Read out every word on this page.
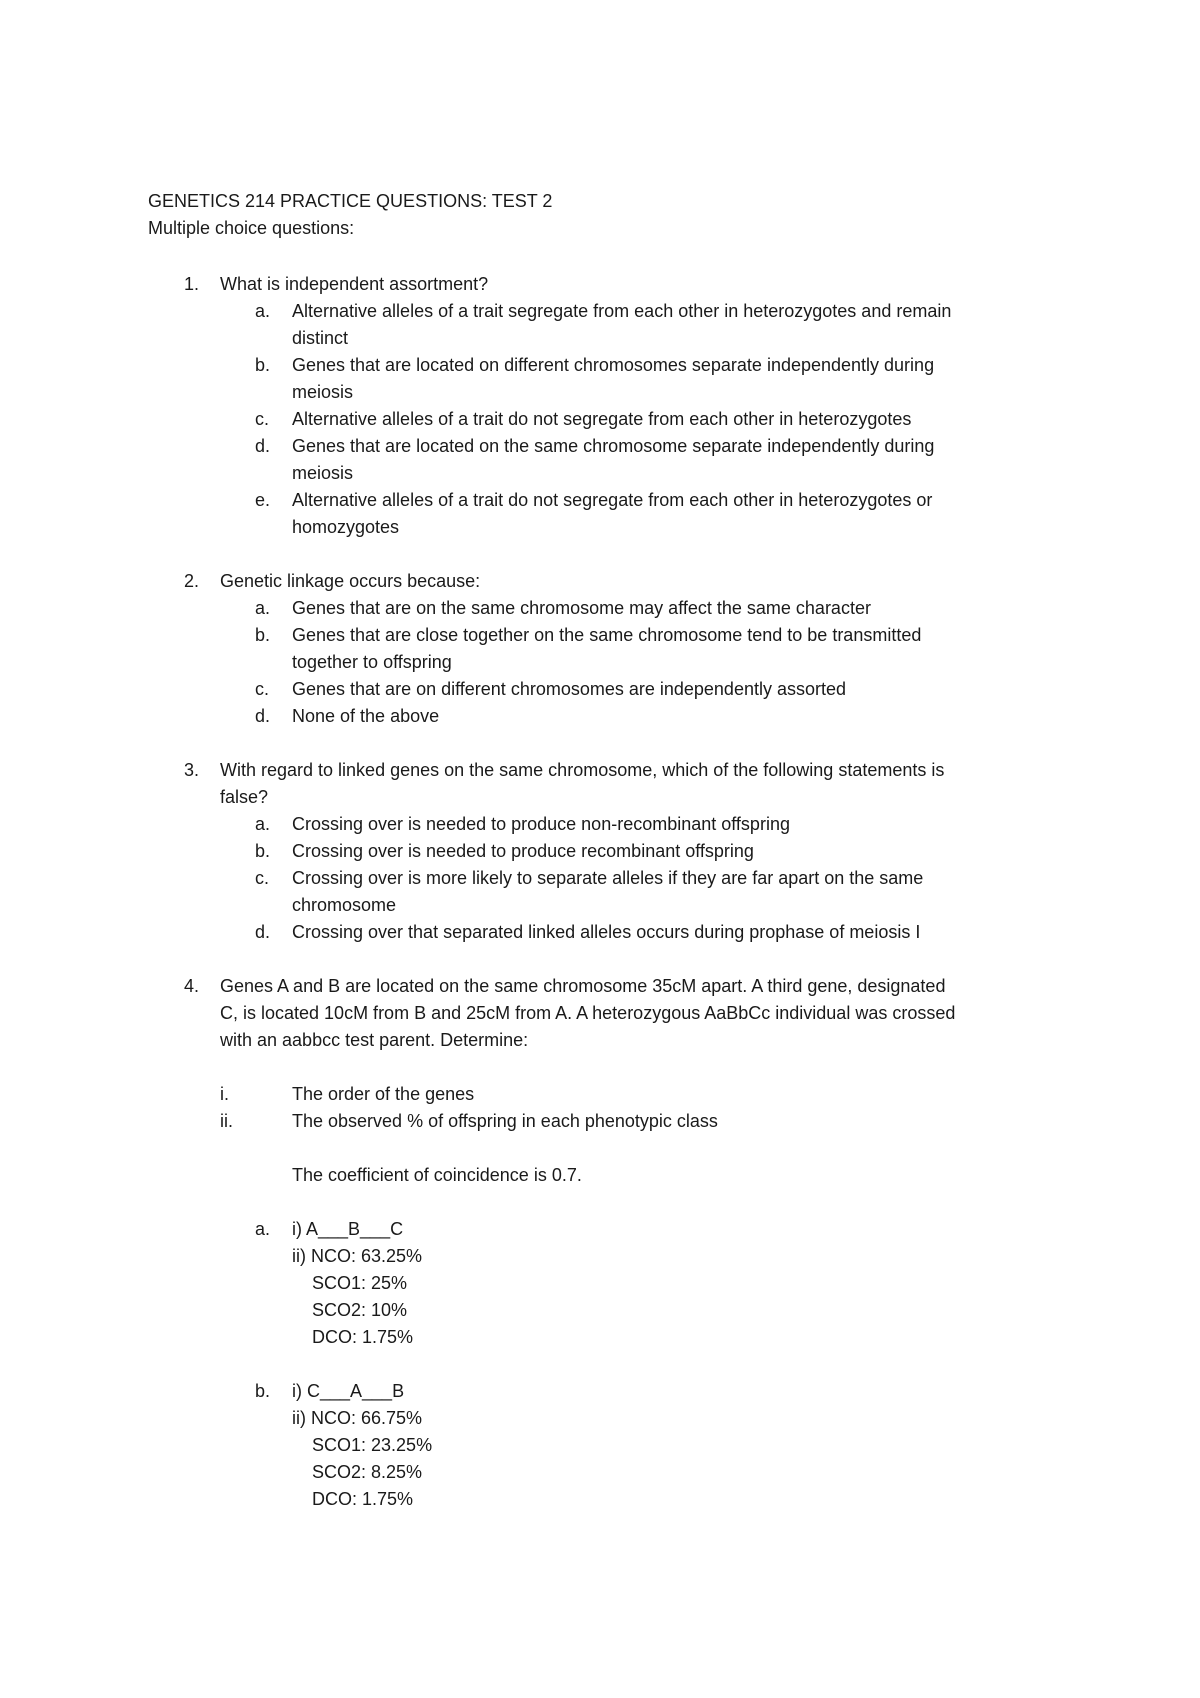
GENETICS 214 PRACTICE QUESTIONS: TEST 2
Multiple choice questions:
1.	What is independent assortment?
a. Alternative alleles of a trait segregate from each other in heterozygotes and remain
distinct
b. Genes that are located on different chromosomes separate independently during
meiosis
c. Alternative alleles of a trait do not segregate from each other in heterozygotes
d. Genes that are located on the same chromosome separate independently during
meiosis
e. Alternative alleles of a trait do not segregate from each other in heterozygotes or
homozygotes
2.	Genetic linkage occurs because:
a. Genes that are on the same chromosome may affect the same character
b. Genes that are close together on the same chromosome tend to be transmitted
together to offspring
c. Genes that are on different chromosomes are independently assorted
d. None of the above
3.	With regard to linked genes on the same chromosome, which of the following statements is
false?
a. Crossing over is needed to produce non-recombinant offspring
b. Crossing over is needed to produce recombinant offspring
c. Crossing over is more likely to separate alleles if they are far apart on the same
chromosome
d. Crossing over that separated linked alleles occurs during prophase of meiosis I
4.	Genes A and B are located on the same chromosome 35cM apart. A third gene, designated
C, is located 10cM from B and 25cM from A. A heterozygous AaBbCc individual was crossed
with an aabbcc test parent. Determine:
i.	The order of the genes
ii.	The observed % of offspring in each phenotypic class
The coefficient of coincidence is 0.7.
a. i) A___B___C
ii) NCO: 63.25%
SCO1: 25%
SCO2: 10%
DCO: 1.75%
b. i) C___A___B
ii) NCO: 66.75%
SCO1: 23.25%
SCO2: 8.25%
DCO: 1.75%
